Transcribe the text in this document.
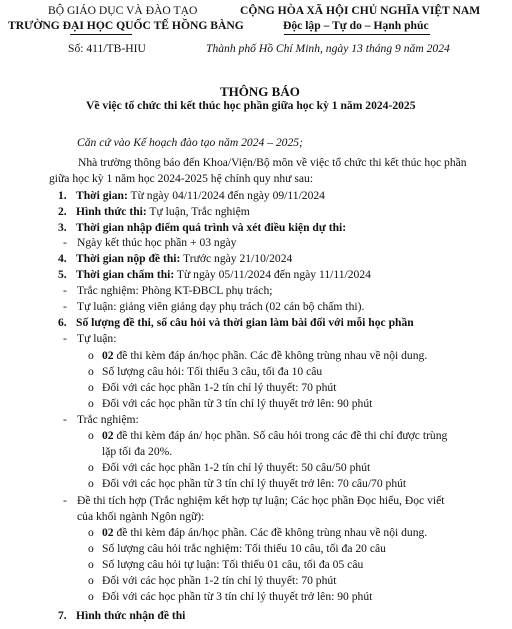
BỘ GIÁO DỤC VÀ ĐÀO TẠO
TRƯỜNG ĐẠI HỌC QUỐC TẾ HỒNG BÀNG
Số: 411/TB-HIU
CỘNG HÒA XÃ HỘI CHỦ NGHĨA VIỆT NAM
Độc lập – Tự do – Hạnh phúc
Thành phố Hồ Chí Minh, ngày 13 tháng 9 năm 2024
THÔNG BÁO
Về việc tổ chức thi kết thúc học phần giữa học kỳ 1 năm 2024-2025
Căn cứ vào Kế hoạch đào tạo năm 2024 – 2025;
Nhà trường thông báo đến Khoa/Viện/Bộ môn về việc tổ chức thi kết thúc học phần
giữa học kỳ 1 năm học 2024-2025 hệ chính quy như sau:
1. Thời gian: Từ ngày 04/11/2024 đến ngày 09/11/2024
2. Hình thức thi: Tự luận, Trắc nghiệm
3. Thời gian nhập điểm quá trình và xét điều kiện dự thi:
- Ngày kết thúc học phần + 03 ngày
4. Thời gian nộp đề thi: Trước ngày 21/10/2024
5. Thời gian chấm thi: Từ ngày 05/11/2024 đến ngày 11/11/2024
- Trắc nghiệm: Phòng KT-ĐBCL phụ trách;
- Tự luận: giảng viên giảng dạy phụ trách (02 cán bộ chấm thi).
6. Số lượng đề thi, số câu hỏi và thời gian làm bài đối với mỗi học phần
- Tự luận:
o 02 đề thi kèm đáp án/học phần. Các đề không trùng nhau về nội dung.
o Số lượng câu hỏi: Tối thiểu 3 câu, tối đa 10 câu
o Đối với các học phần 1-2 tín chỉ lý thuyết: 70 phút
o Đối với các học phần từ 3 tín chỉ lý thuyết trở lên: 90 phút
- Trắc nghiệm:
o 02 đề thi kèm đáp án/ học phần. Số câu hỏi trong các đề thi chỉ được trùng
lặp tối đa 20%.
o Đối với các học phần 1-2 tín chỉ lý thuyết: 50 câu/50 phút
o Đối với các học phần từ 3 tín chỉ lý thuyết trở lên: 70 câu/70 phút
- Đề thi tích hợp (Trắc nghiệm kết hợp tự luận; Các học phần Đọc hiểu, Đọc viết
của khối ngành Ngôn ngữ):
o 02 đề thi kèm đáp án/học phần. Các đề không trùng nhau về nội dung.
o Số lượng câu hỏi trắc nghiệm: Tối thiểu 10 câu, tối đa 20 câu
o Số lượng câu hỏi tự luận: Tối thiểu 01 câu, tối đa 05 câu
o Đối với các học phần 1-2 tín chỉ lý thuyết: 70 phút
o Đối với các học phần từ 3 tín chỉ lý thuyết trở lên: 90 phút
7. Hình thức nhận đề thi
